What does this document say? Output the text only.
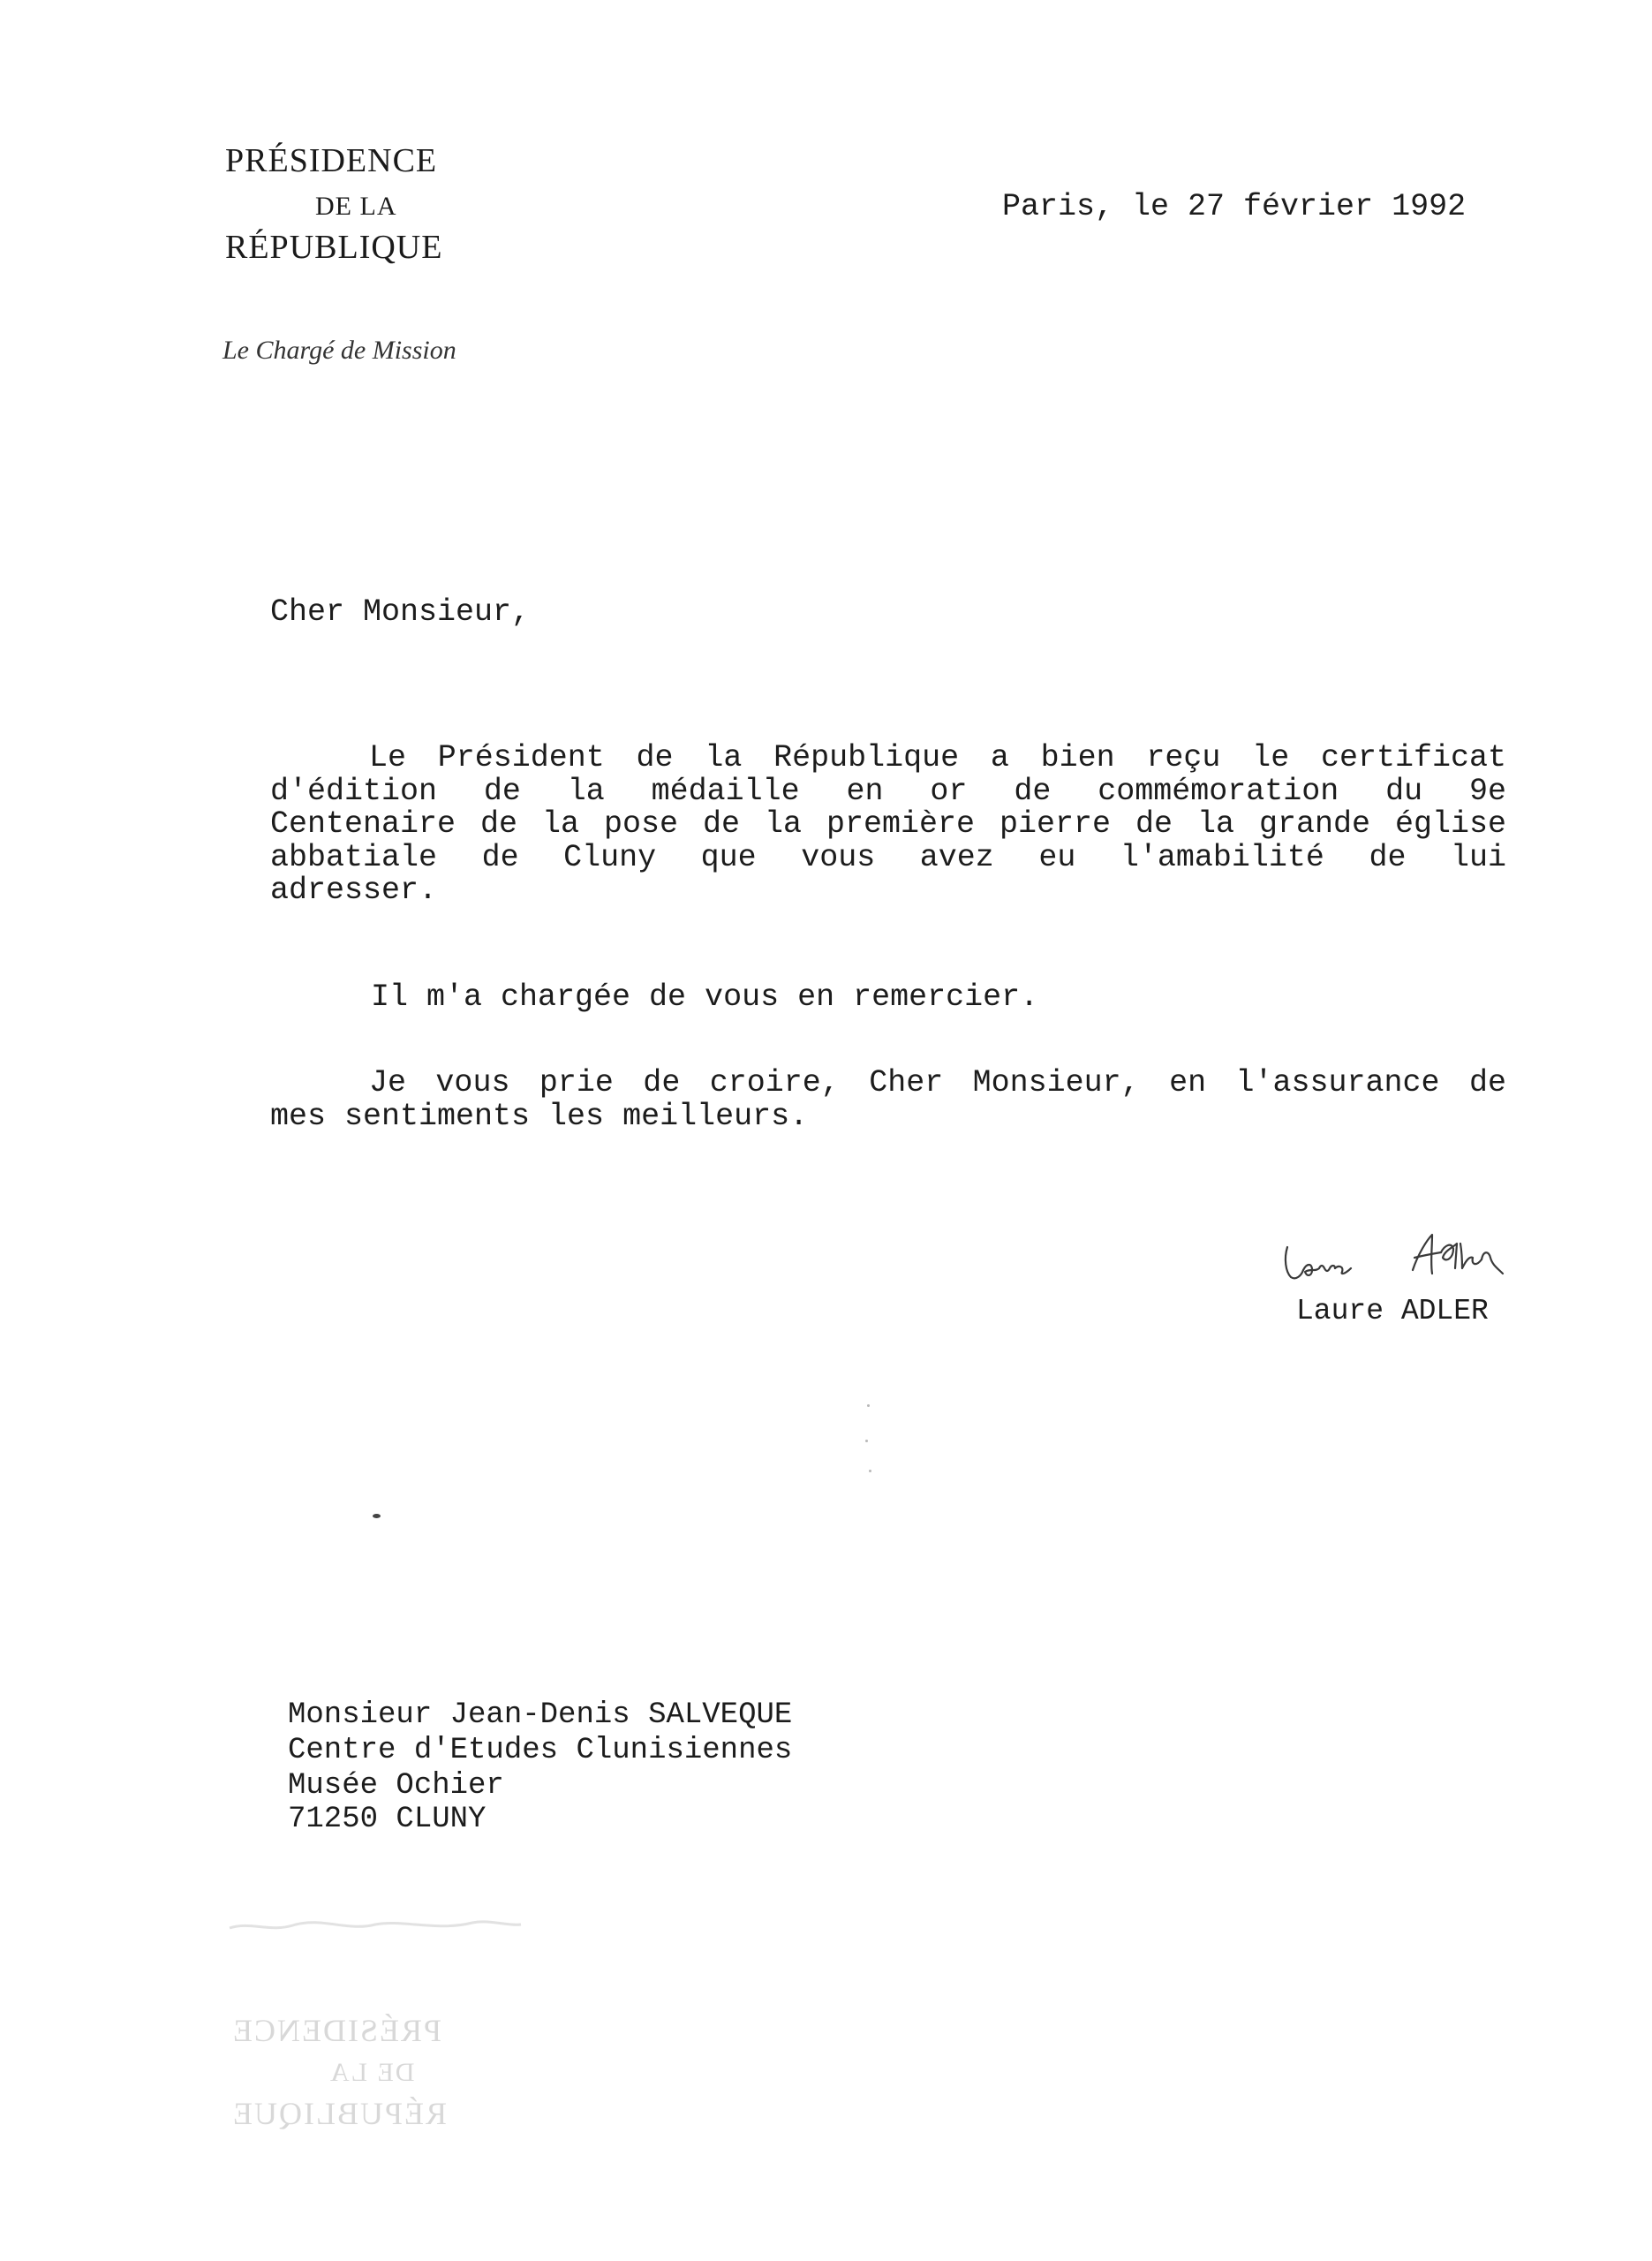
PRÉSIDENCE
DE LA
RÉPUBLIQUE
Le Chargé de Mission
Paris, le 27 février 1992
Cher Monsieur,
Le Président de la République a bien reçu le certificat
d'édition de la médaille en or de commémoration du 9e
Centenaire de la pose de la première pierre de la grande église
abbatiale de Cluny que vous avez eu l'amabilité de lui
adresser.
Il m'a chargée de vous en remercier.
Je vous prie de croire, Cher Monsieur, en l'assurance de
mes sentiments les meilleurs.
Laure ADLER
Monsieur Jean-Denis SALVEQUE
Centre d'Etudes Clunisiennes
Musée Ochier
71250 CLUNY
PRÉSIDENCE
DE LA
RÉPUBLIQUE
